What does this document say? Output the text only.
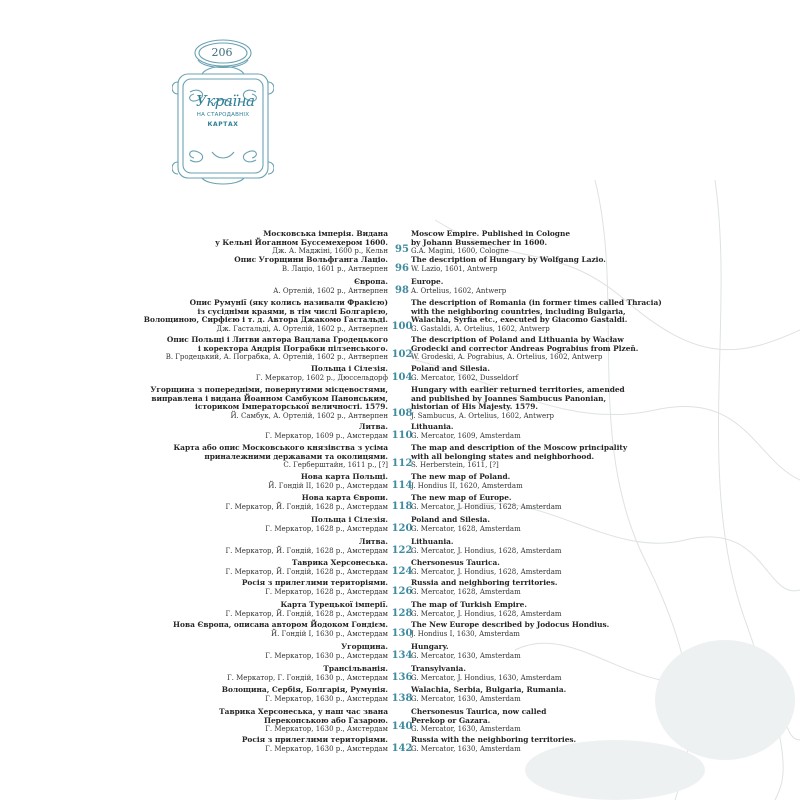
206
Україна
НА СТАРОДАВНІХ
КАРТАХ
Московська імперія. Видана
у Кельні Йоганном Буссемехером 1600.
Дж. А. Маджіні, 1600 р., Кельн 95
Moscow Empire. Published in Cologne
by Johann Bussemecher in 1600.
G.A. Magini, 1600, Cologne
Опис Угорщини Вольфганга Лаціо.
В. Лаціо, 1601 р., Антверпен 96
The description of Hungary by Wolfgang Lazio.
W. Lazio, 1601, Antwerp
Європа.
А. Ортелій, 1602 р., Антверпен 98
Europe.
A. Ortelius, 1602, Antwerp
Опис Румунії (яку колись називали Фракією)
із сусідніми краями, в тім числі Болгарією,
Волощиною, Сирфією і т. д. Автора Джакомо Гастальді.
Дж. Гастальді, А. Ортелій, 1602 р., Антверпен 100
The description of Romania (in former times called Thracia)
with the neighboring countries, including Bulgaria,
Walachia, Syrfia etc., executed by Giacomo Gastaldi.
G. Gastaldi, A. Ortelius, 1602, Antwerp
Опис Польщі і Литви автора Вацлава Гродецького
і коректора Андрія Пограбки пілзенського.
В. Гродецький, А. Пограбка, А. Ортелій, 1602 р., Антверпен 102
The description of Poland and Lithuania by Wacław
Grodecki and corrector Andreas Pograbius from Plzeň.
W. Grodeski, A. Pograbius, A. Ortelius, 1602, Antwerp
Польща і Сілезія.
Г. Меркатор, 1602 р., Дюссельдорф 104
Poland and Silesia.
G. Mercator, 1602, Dusseldorf
Угорщина з попередніми, повернутими місцевостями,
виправлена і видана Йоанном Самбуком Панонським,
істориком Імператорської величності. 1579.
Й. Самбук, А. Ортелій, 1602 р., Антверпен 108
Hungary with earlier returned territories, amended
and published by Joannes Sambucus Panonian,
historian of His Majesty. 1579.
J. Sambucus, A. Ortelius, 1602, Antwerp
Литва.
Г. Меркатор, 1609 р., Амстердам 110
Lithuania.
G. Mercator, 1609, Amsterdam
Карта або опис Московського князівства з усіма
приналежними державами та околицями.
С. Герберштайн, 1611 р., [?] 112
The map and description of the Moscow principality
with all belonging states and neighborhood.
S. Herberstein, 1611, [?]
Нова карта Польщі.
Й. Гондій II, 1620 р., Амстердам 114
The new map of Poland.
J. Hondius II, 1620, Amsterdam
Нова карта Європи.
Г. Меркатор, Й. Гондій, 1628 р., Амстердам 118
The new map of Europe.
G. Mercator, J. Hondius, 1628, Amsterdam
Польща і Сілезія.
Г. Меркатор, 1628 р., Амстердам 120
Poland and Silesia.
G. Mercator, 1628, Amsterdam
Литва.
Г. Меркатор, Й. Гондій, 1628 р., Амстердам 122
Lithuania.
G. Mercator, J. Hondius, 1628, Amsterdam
Таврика Херсонеська.
Г. Меркатор, Й. Гондій, 1628 р., Амстердам 124
Chersonesus Taurica.
G. Mercator, J. Hondius, 1628, Amsterdam
Росія з прилеглими територіями.
Г. Меркатор, 1628 р., Амстердам 126
Russia and neighboring territories.
G. Mercator, 1628, Amsterdam
Карта Турецької імперії.
Г. Меркатор, Й. Гондій, 1628 р., Амстердам 128
The map of Turkish Empire.
G. Mercator, J. Hondius, 1628, Amsterdam
Нова Європа, описана автором Йодоком Гондієм.
Й. Гондій I, 1630 р., Амстердам 130
The New Europe described by Jodocus Hondius.
J. Hondius I, 1630, Amsterdam
Угорщина.
Г. Меркатор, 1630 р., Амстердам 134
Hungary.
G. Mercator, 1630, Amsterdam
Трансільванія.
Г. Меркатор, Г. Гондій, 1630 р., Амстердам 136
Transylvania.
G. Mercator, J. Hondius, 1630, Amsterdam
Волощина, Сербія, Болгарія, Румунія.
Г. Меркатор, 1630 р., Амстердам 138
Walachia, Serbia, Bulgaria, Rumania.
G. Mercator, 1630, Amsterdam
Таврика Херсонеська, у наш час звана
Перекопською або Газарою.
Г. Меркатор, 1630 р., Амстердам 140
Chersonesus Taurica, now called
Perekop or Gazara.
G. Mercator, 1630, Amsterdam
Росія з прилеглими територіями.
Г. Меркатор, 1630 р., Амстердам 142
Russia with the neighboring territories.
G. Mercator, 1630, Amsterdam
